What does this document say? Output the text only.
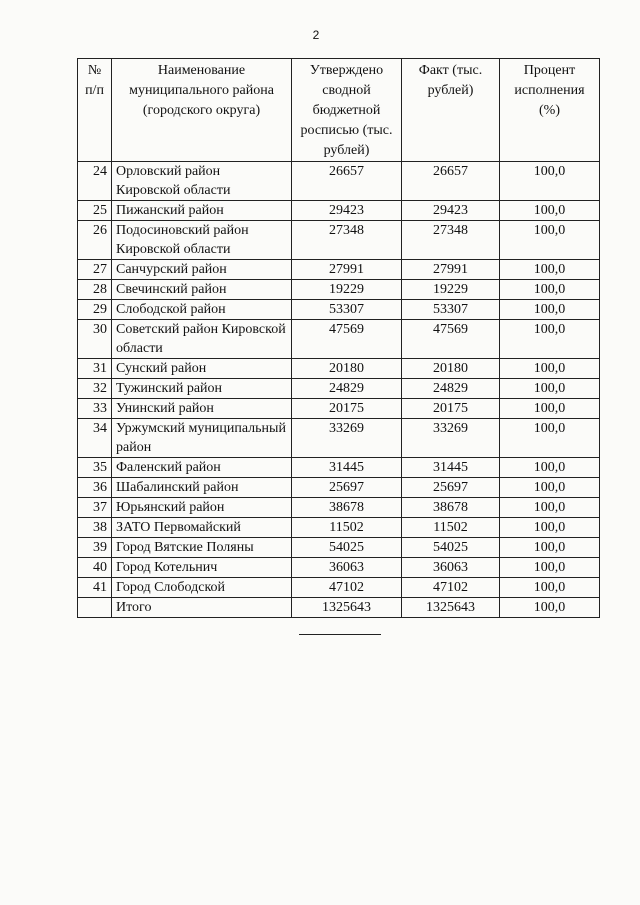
2
№ п/п	Наименование муниципального района (городского округа)	Утверждено сводной бюджетной росписью (тыс. рублей)	Факт (тыс. рублей)	Процент исполнения (%)
24	Орловский район Кировской области	26657	26657	100,0
25	Пижанский район	29423	29423	100,0
26	Подосиновский район Кировской области	27348	27348	100,0
27	Санчурский район	27991	27991	100,0
28	Свечинский район	19229	19229	100,0
29	Слободской район	53307	53307	100,0
30	Советский район Кировской области	47569	47569	100,0
31	Сунский район	20180	20180	100,0
32	Тужинский район	24829	24829	100,0
33	Унинский район	20175	20175	100,0
34	Уржумский муниципальный район	33269	33269	100,0
35	Фаленский район	31445	31445	100,0
36	Шабалинский район	25697	25697	100,0
37	Юрьянский район	38678	38678	100,0
38	ЗАТО Первомайский	11502	11502	100,0
39	Город Вятские Поляны	54025	54025	100,0
40	Город Котельнич	36063	36063	100,0
41	Город Слободской	47102	47102	100,0
	Итого	1325643	1325643	100,0
